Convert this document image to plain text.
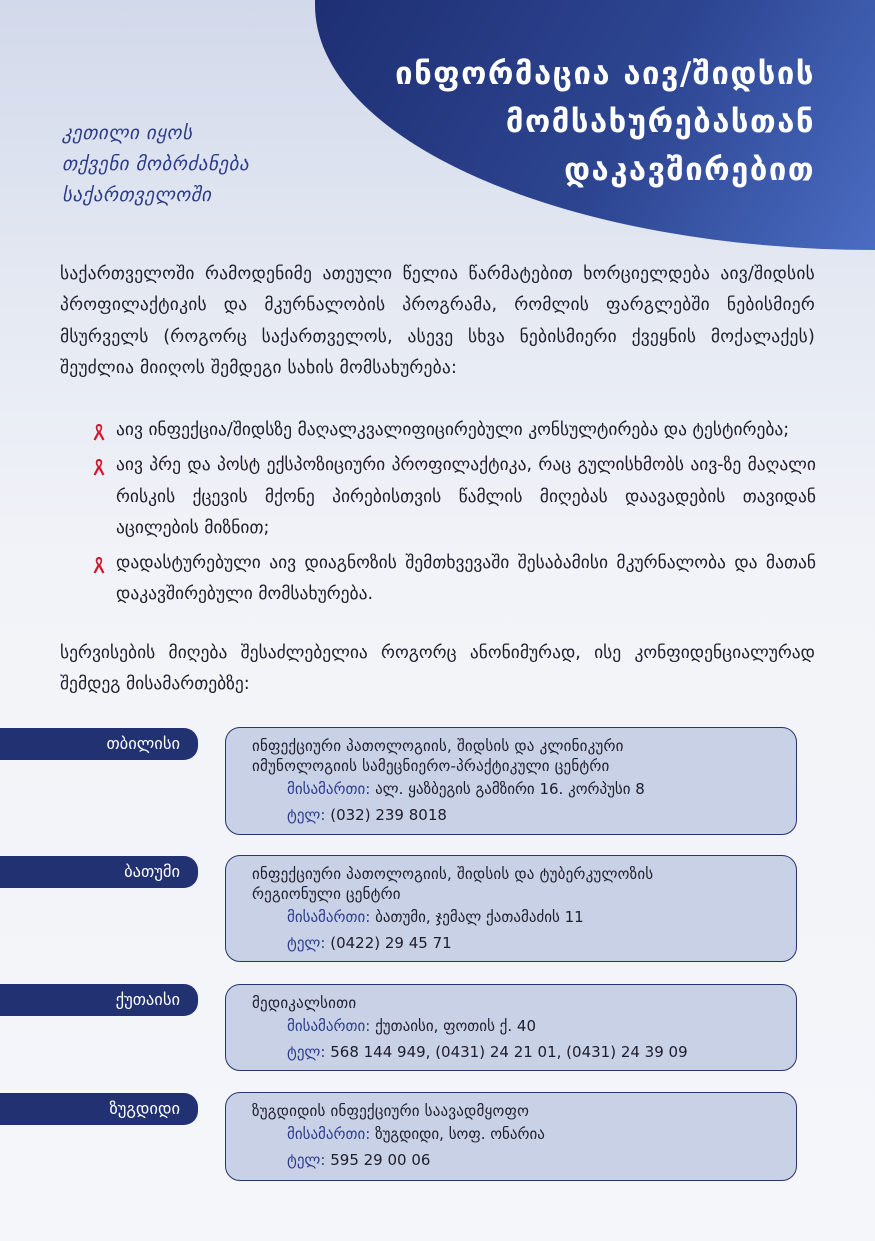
ინფორმაცია აივ/შიდსის
მომსახურებასთან
დაკავშირებით
კეთილი იყოს
თქვენი მობრძანება
საქართველოში

საქართველოში რამოდენიმე ათეული წელია წარმატებით ხორციელდება აივ/შიდსის პროფილაქტიკის და მკურნალობის პროგრამა, რომლის ფარგლებში ნებისმიერ მსურველს (როგორც საქართველოს, ასევე სხვა ნებისმიერი ქვეყნის მოქალაქეს) შეუძლია მიიღოს შემდეგი სახის მომსახურება:

აივ ინფექცია/შიდსზე მაღალკვალიფიცირებული კონსულტირება და ტესტირება;
აივ პრე და პოსტ ექსპოზიციური პროფილაქტიკა, რაც გულისხმობს აივ-ზე მაღალი რისკის ქცევის მქონე პირებისთვის წამლის მიღებას დაავადების თავიდან აცილების მიზნით;
დადასტურებული აივ დიაგნოზის შემთხვევაში შესაბამისი მკურნალობა და მათან დაკავშირებული მომსახურება.

სერვისების მიღება შესაძლებელია როგორც ანონიმურად, ისე კონფიდენციალურად შემდეგ მისამართებზე:

თბილისი	ინფექციური პათოლოგიის, შიდსის და კლინიკური
იმუნოლოგიის სამეცნიერო-პრაქტიკული ცენტრი
მისამართი: ალ. ყაზბეგის გამზირი 16. კორპუსი 8
ტელ: (032) 239 8018
ბათუმი	ინფექციური პათოლოგიის, შიდსის და ტუბერკულოზის
რეგიონული ცენტრი
მისამართი: ბათუმი, ჯემალ ქათამაძის 11
ტელ: (0422) 29 45 71
ქუთაისი	მედიკალსითი
მისამართი: ქუთაისი, ფოთის ქ. 40
ტელ: 568 144 949, (0431) 24 21 01, (0431) 24 39 09
ზუგდიდი	ზუგდიდის ინფექციური საავადმყოფო
მისამართი: ზუგდიდი, სოფ. ონარია
ტელ: 595 29 00 06
